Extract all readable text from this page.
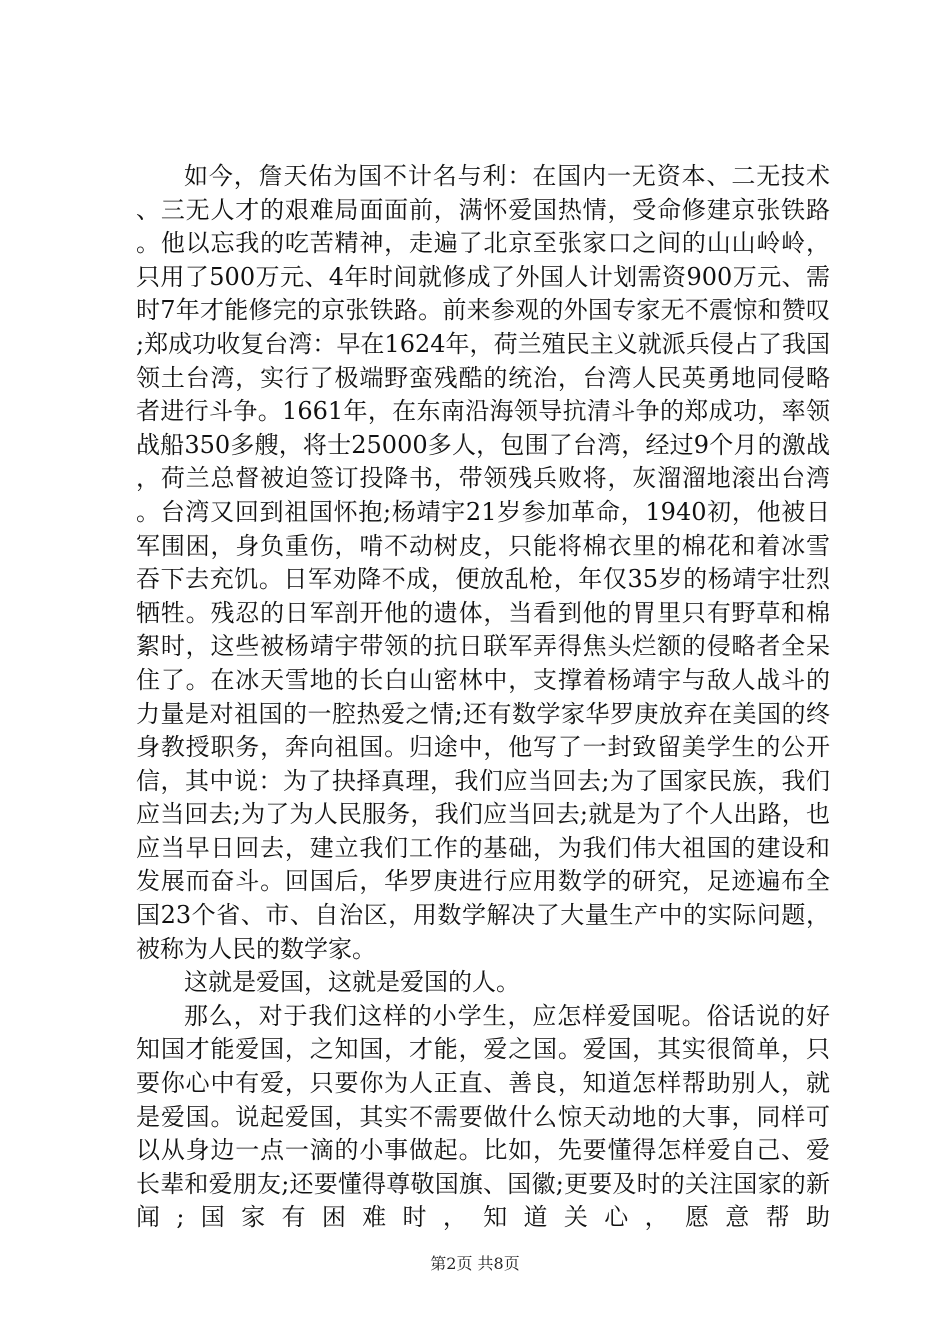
如今，詹天佑为国不计名与利：在国内一无资本、二无技术、三无人才的艰难局面面前，满怀爱国热情，受命修建京张铁路。他以忘我的吃苦精神，走遍了北京至张家口之间的山山岭岭，只用了500万元、4年时间就修成了外国人计划需资900万元、需时7年才能修完的京张铁路。前来参观的外国专家无不震惊和赞叹;郑成功收复台湾：早在1624年，荷兰殖民主义就派兵侵占了我国领土台湾，实行了极端野蛮残酷的统治，台湾人民英勇地同侵略者进行斗争。1661年，在东南沿海领导抗清斗争的郑成功，率领战船350多艘，将士25000多人，包围了台湾，经过9个月的激战，荷兰总督被迫签订投降书，带领残兵败将，灰溜溜地滚出台湾。台湾又回到祖国怀抱;杨靖宇21岁参加革命，1940初，他被日军围困，身负重伤，啃不动树皮，只能将棉衣里的棉花和着冰雪吞下去充饥。日军劝降不成，便放乱枪，年仅35岁的杨靖宇壮烈牺牲。残忍的日军剖开他的遗体，当看到他的胃里只有野草和棉絮时，这些被杨靖宇带领的抗日联军弄得焦头烂额的侵略者全呆住了。在冰天雪地的长白山密林中，支撑着杨靖宇与敌人战斗的力量是对祖国的一腔热爱之情;还有数学家华罗庚放弃在美国的终身教授职务，奔向祖国。归途中，他写了一封致留美学生的公开信，其中说：为了抉择真理，我们应当回去;为了国家民族，我们应当回去;为了为人民服务，我们应当回去;就是为了个人出路，也应当早日回去，建立我们工作的基础，为我们伟大祖国的建设和发展而奋斗。回国后，华罗庚进行应用数学的研究，足迹遍布全国23个省、市、自治区，用数学解决了大量生产中的实际问题，被称为人民的数学家。

这就是爱国，这就是爱国的人。

那么，对于我们这样的小学生，应怎样爱国呢。俗话说的好知国才能爱国，之知国，才能，爱之国。爱国，其实很简单，只要你心中有爱，只要你为人正直、善良，知道怎样帮助别人，就是爱国。说起爱国，其实不需要做什么惊天动地的大事，同样可以从身边一点一滴的小事做起。比如，先要懂得怎样爱自己、爱长辈和爱朋友;还要懂得尊敬国旗、国徽;更要及时的关注国家的新闻;国家有困难时，知道关心，愿意帮助

第2页 共8页
